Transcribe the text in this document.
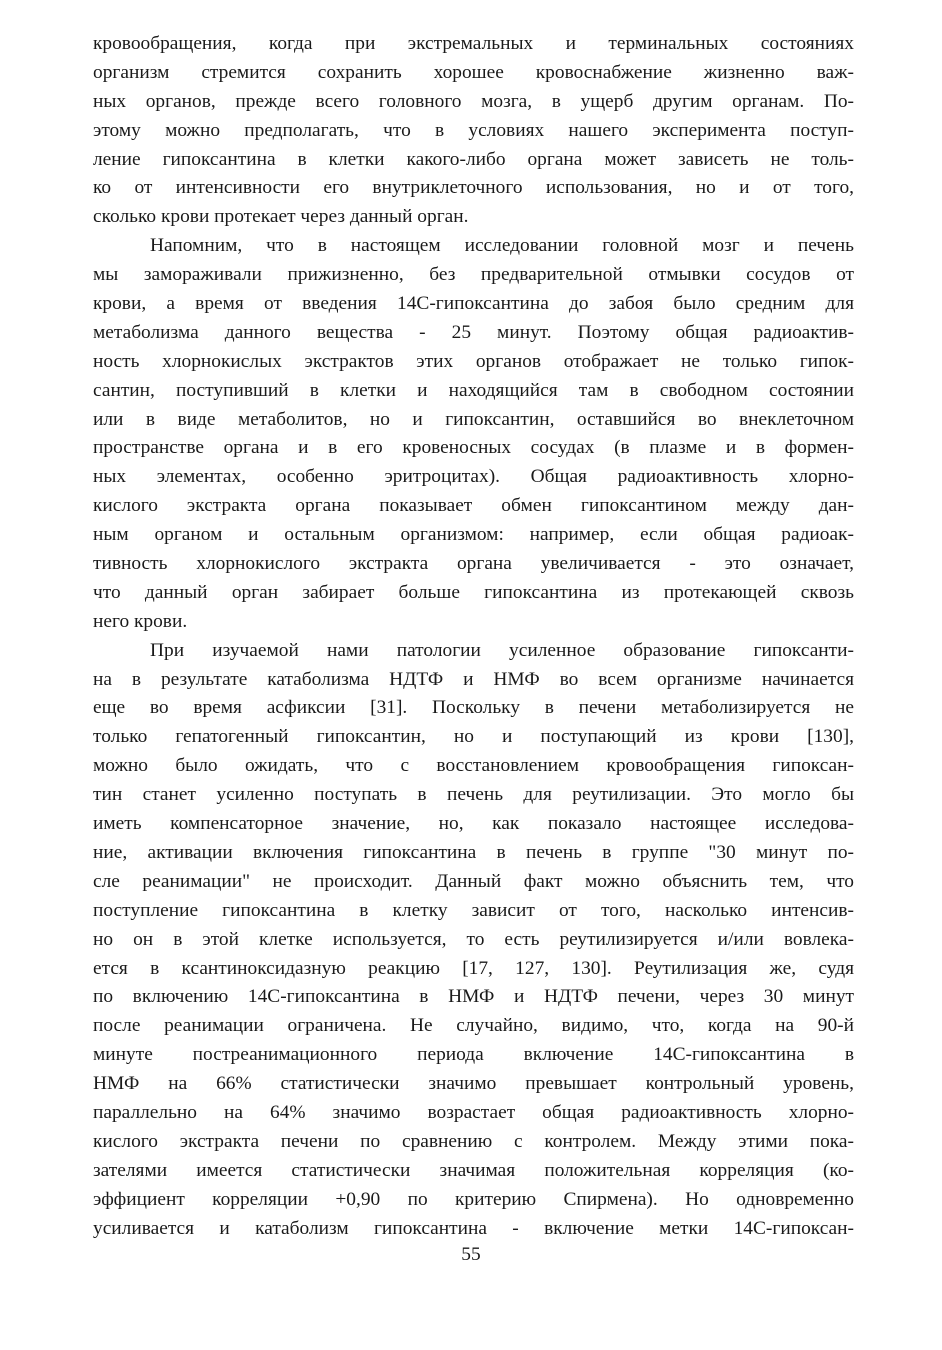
кровообращения, когда при экстремальных и терминальных состояниях
организм стремится сохранить хорошее кровоснабжение жизненно важ-
ных органов, прежде всего головного мозга, в ущерб другим органам. По-
этому можно предполагать, что в условиях нашего эксперимента поступ-
ление гипоксантина в клетки какого-либо органа может зависеть не толь-
ко от интенсивности его внутриклеточного использования, но и от того,
сколько крови протекает через данный орган.
Напомним, что в настоящем исследовании головной мозг и печень
мы замораживали прижизненно, без предварительной отмывки сосудов от
крови, а время от введения 14С-гипоксантина до забоя было средним для
метаболизма данного вещества - 25 минут. Поэтому общая радиоактив-
ность хлорнокислых экстрактов этих органов отображает не только гипок-
сантин, поступивший в клетки и находящийся там в свободном состоянии
или в виде метаболитов, но и гипоксантин, оставшийся во внеклеточном
пространстве органа и в его кровеносных сосудах (в плазме и в формен-
ных элементах, особенно эритроцитах). Общая радиоактивность хлорно-
кислого экстракта органа показывает обмен гипоксантином между дан-
ным органом и остальным организмом: например, если общая радиоак-
тивность хлорнокислого экстракта органа увеличивается - это означает,
что данный орган забирает больше гипоксантина из протекающей сквозь
него крови.
При изучаемой нами патологии усиленное образование гипоксанти-
на в результате катаболизма НДТФ и НМФ во всем организме начинается
еще во время асфиксии [31]. Поскольку в печени метаболизируется не
только гепатогенный гипоксантин, но и поступающий из крови [130],
можно было ожидать, что с восстановлением кровообращения гипоксан-
тин станет усиленно поступать в печень для реутилизации. Это могло бы
иметь компенсаторное значение, но, как показало настоящее исследова-
ние, активации включения гипоксантина в печень в группе "30 минут по-
сле реанимации" не происходит. Данный факт можно объяснить тем, что
поступление гипоксантина в клетку зависит от того, насколько интенсив-
но он в этой клетке используется, то есть реутилизируется и/или вовлека-
ется в ксантиноксидазную реакцию [17, 127, 130]. Реутилизация же, судя
по включению 14С-гипоксантина в НМФ и НДТФ печени, через 30 минут
после реанимации ограничена. Не случайно, видимо, что, когда на 90-й
минуте постреанимационного периода включение 14С-гипоксантина в
НМФ на 66% статистически значимо превышает контрольный уровень,
параллельно на 64% значимо возрастает общая радиоактивность хлорно-
кислого экстракта печени по сравнению с контролем. Между этими пока-
зателями имеется статистически значимая положительная корреляция (ко-
эффициент корреляции +0,90 по критерию Спирмена). Но одновременно
усиливается и катаболизм гипоксантина - включение метки 14С-гипоксан-
55
